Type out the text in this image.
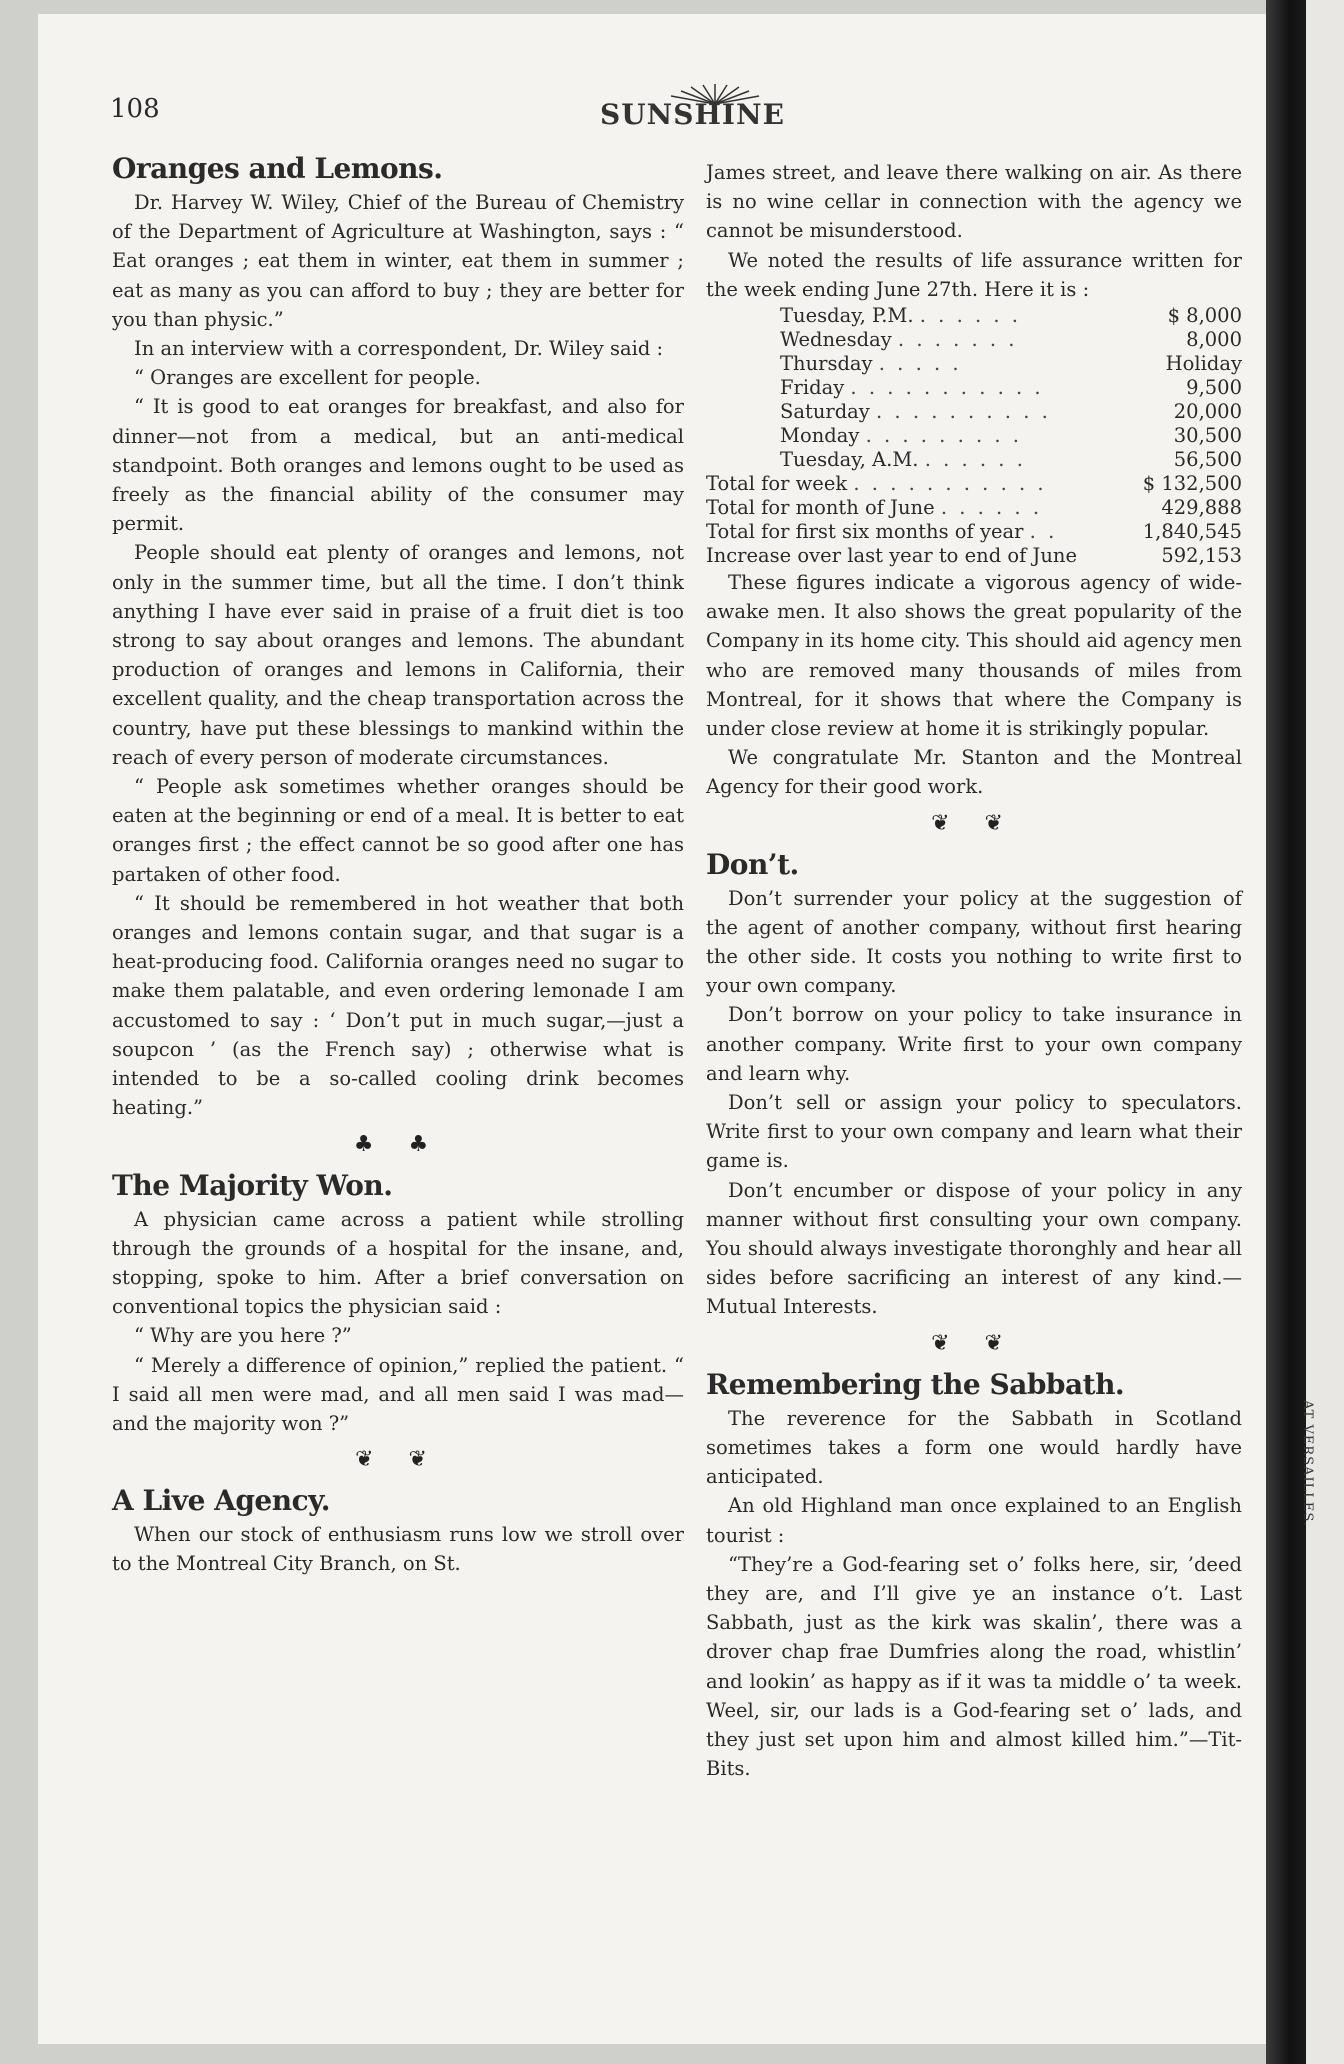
AT VERSAILLES.
108	SUNSHINE
Oranges and Lemons.

Dr. Harvey W. Wiley, Chief of the Bureau of Chemistry of the Department of Agriculture at Washington, says : “ Eat oranges ; eat them in winter, eat them in summer ; eat as many as you can afford to buy ; they are better for you than physic.”

In an interview with a correspondent, Dr. Wiley said :

“ Oranges are excellent for people.

“ It is good to eat oranges for breakfast, and also for dinner—not from a medical, but an anti-medical standpoint. Both oranges and lemons ought to be used as freely as the financial ability of the consumer may permit.

People should eat plenty of oranges and lemons, not only in the summer time, but all the time. I don’t think anything I have ever said in praise of a fruit diet is too strong to say about oranges and lemons. The abundant production of oranges and lemons in California, their excellent quality, and the cheap transportation across the country, have put these blessings to mankind within the reach of every person of moderate circumstances.

“ People ask sometimes whether oranges should be eaten at the beginning or end of a meal. It is better to eat oranges first ; the effect cannot be so good after one has partaken of other food.

“ It should be remembered in hot weather that both oranges and lemons contain sugar, and that sugar is a heat-producing food. California oranges need no sugar to make them palatable, and even ordering lemonade I am accustomed to say : ‘ Don’t put in much sugar,—just a soupcon ’ (as the French say) ; otherwise what is intended to be a so-called cooling drink becomes heating.”

♣ ♣
The Majority Won.

A physician came across a patient while strolling through the grounds of a hospital for the insane, and, stopping, spoke to him. After a brief conversation on conventional topics the physician said :

“ Why are you here ?”

“ Merely a difference of opinion,” replied the patient. “ I said all men were mad, and all men said I was mad—and the majority won ?”

❦ ❦
A Live Agency.

When our stock of enthusiasm runs low we stroll over to the Montreal City Branch, on St.

James street, and leave there walking on air. As there is no wine cellar in connection with the agency we cannot be misunderstood.

We noted the results of life assurance written for the week ending June 27th. Here it is :

Tuesday, P.M. . . . . . .	$ 8,000
Wednesday . . . . . . .	8,000
Thursday . . . . .	Holiday
Friday . . . . . . . . . . .	9,500
Saturday . . . . . . . . . .	20,000
Monday . . . . . . . . .	30,500
Tuesday, A.M. . . . . . .	56,500
Total for week . . . . . . . . . . .	$ 132,500
Total for month of June . . . . . .	429,888
Total for first six months of year . .	1,840,545
Increase over last year to end of June	592,153

These figures indicate a vigorous agency of wide-awake men. It also shows the great popularity of the Company in its home city. This should aid agency men who are removed many thousands of miles from Montreal, for it shows that where the Company is under close review at home it is strikingly popular.

We congratulate Mr. Stanton and the Montreal Agency for their good work.

❦ ❦
Don’t.

Don’t surrender your policy at the suggestion of the agent of another company, without first hearing the other side. It costs you nothing to write first to your own company.

Don’t borrow on your policy to take insurance in another company. Write first to your own company and learn why.

Don’t sell or assign your policy to speculators. Write first to your own company and learn what their game is.

Don’t encumber or dispose of your policy in any manner without first consulting your own company. You should always investigate thoronghly and hear all sides before sacrificing an interest of any kind.—Mutual Interests.

❦ ❦
Remembering the Sabbath.

The reverence for the Sabbath in Scotland sometimes takes a form one would hardly have anticipated.

An old Highland man once explained to an English tourist :

“They’re a God-fearing set o’ folks here, sir, ’deed they are, and I’ll give ye an instance o’t. Last Sabbath, just as the kirk was skalin’, there was a drover chap frae Dumfries along the road, whistlin’ and lookin’ as happy as if it was ta middle o’ ta week. Weel, sir, our lads is a God-fearing set o’ lads, and they just set upon him and almost killed him.”—Tit-Bits.
